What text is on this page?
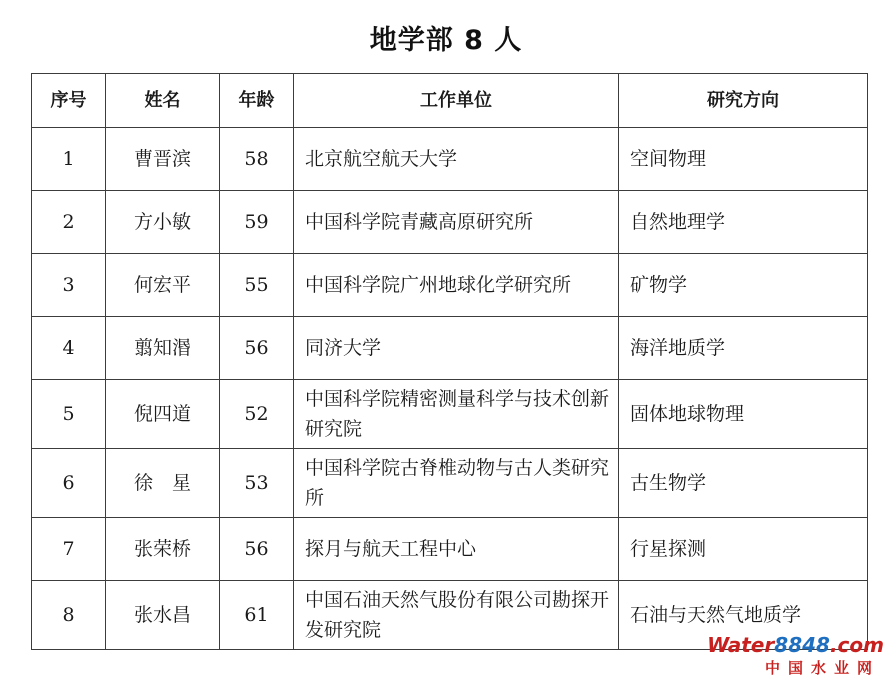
地学部 8 人
序号	姓名	年龄	工作单位	研究方向
1	曹晋滨	58	北京航空航天大学	空间物理
2	方小敏	59	中国科学院青藏高原研究所	自然地理学
3	何宏平	55	中国科学院广州地球化学研究所	矿物学
4	翦知湣	56	同济大学	海洋地质学
5	倪四道	52	中国科学院精密测量科学与技术创新研究院	固体地球物理
6	徐　星	53	中国科学院古脊椎动物与古人类研究所	古生物学
7	张荣桥	56	探月与航天工程中心	行星探测
8	张水昌	61	中国石油天然气股份有限公司勘探开发研究院	石油与天然气地质学
Water8848.com
中国水业网
